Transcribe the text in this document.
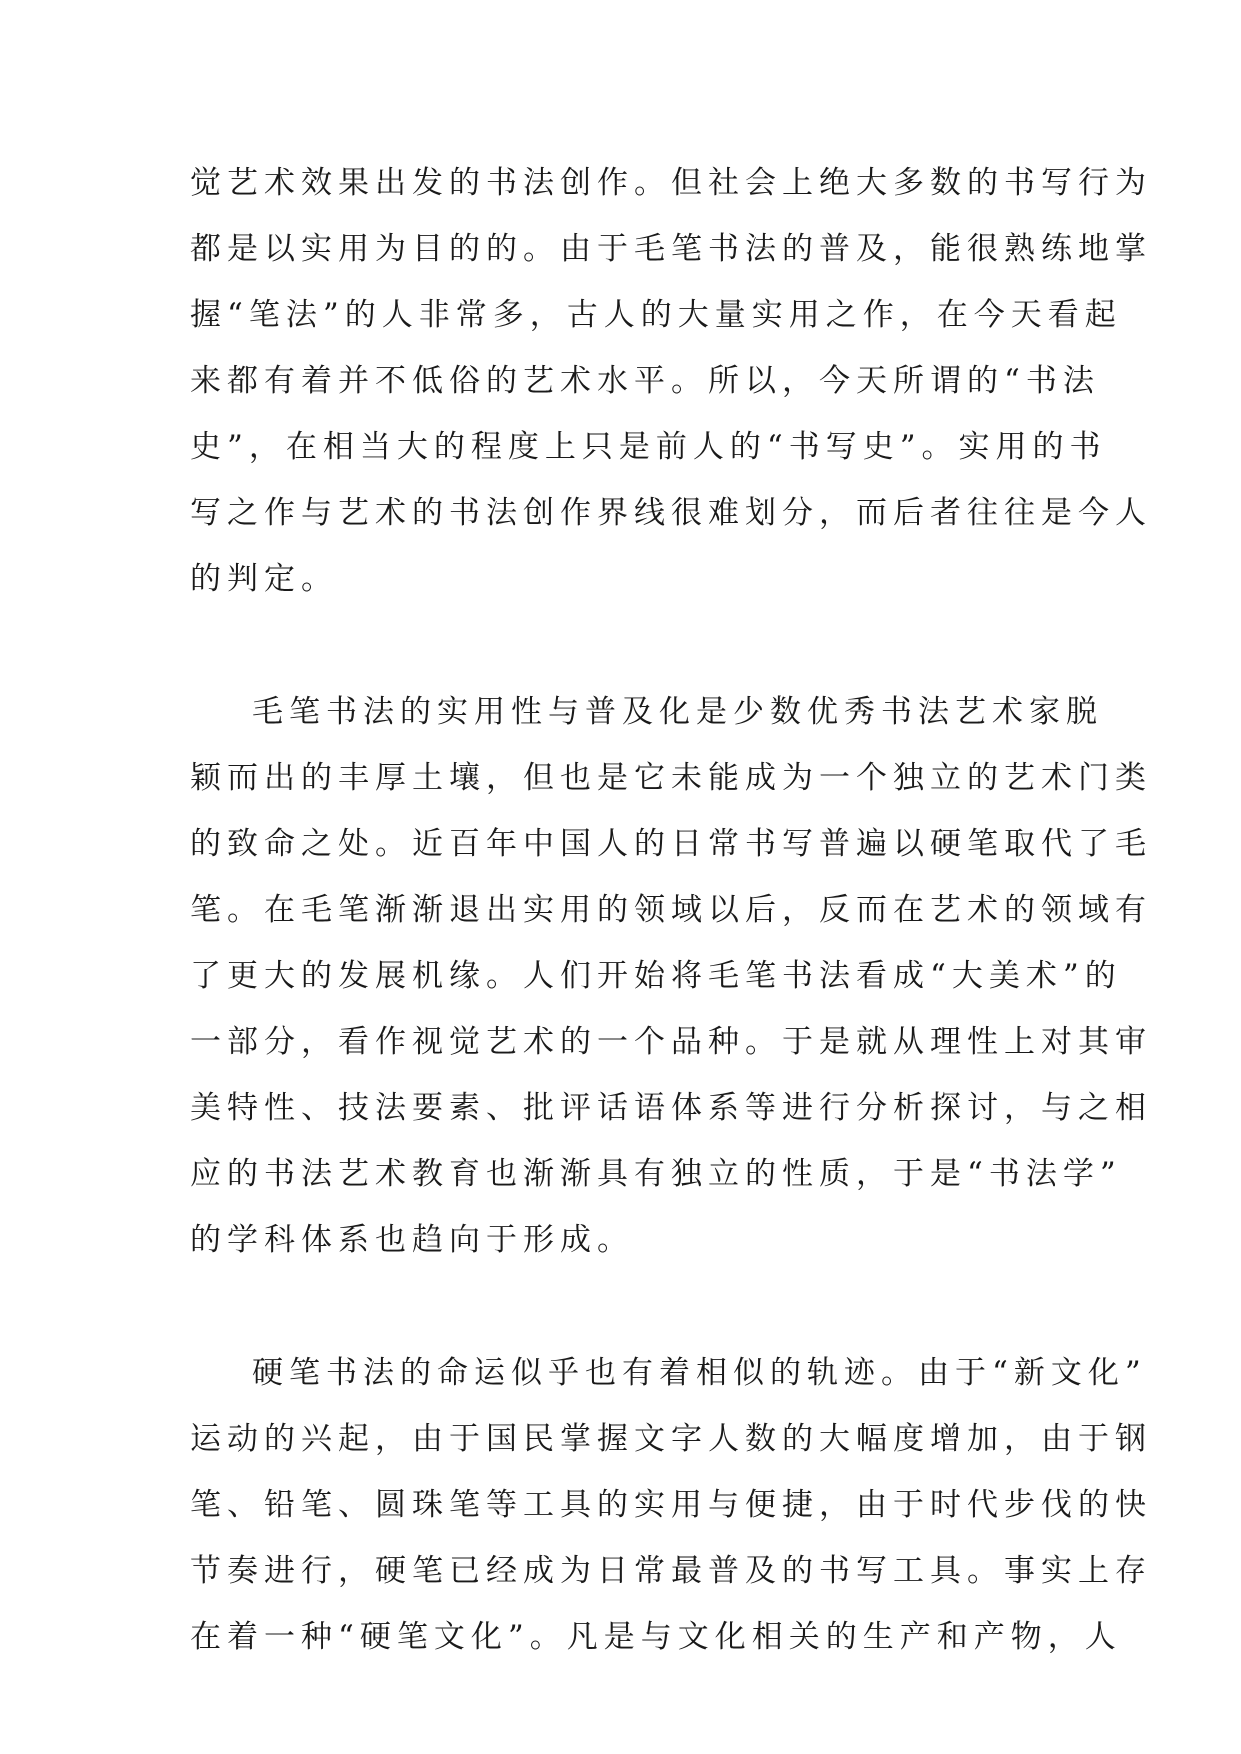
觉艺术效果出发的书法创作。但社会上绝大多数的书写行为
都是以实用为目的的。由于毛笔书法的普及，能很熟练地掌
握“笔法”的人非常多，古人的大量实用之作，在今天看起
来都有着并不低俗的艺术水平。所以，今天所谓的“书法
史”，在相当大的程度上只是前人的“书写史”。实用的书
写之作与艺术的书法创作界线很难划分，而后者往往是今人
的判定。
毛笔书法的实用性与普及化是少数优秀书法艺术家脱
颖而出的丰厚土壤，但也是它未能成为一个独立的艺术门类
的致命之处。近百年中国人的日常书写普遍以硬笔取代了毛
笔。在毛笔渐渐退出实用的领域以后，反而在艺术的领域有
了更大的发展机缘。人们开始将毛笔书法看成“大美术”的
一部分，看作视觉艺术的一个品种。于是就从理性上对其审
美特性、技法要素、批评话语体系等进行分析探讨，与之相
应的书法艺术教育也渐渐具有独立的性质，于是“书法学”
的学科体系也趋向于形成。
硬笔书法的命运似乎也有着相似的轨迹。由于“新文化”
运动的兴起，由于国民掌握文字人数的大幅度增加，由于钢
笔、铅笔、圆珠笔等工具的实用与便捷，由于时代步伐的快
节奏进行，硬笔已经成为日常最普及的书写工具。事实上存
在着一种“硬笔文化”。凡是与文化相关的生产和产物，人
